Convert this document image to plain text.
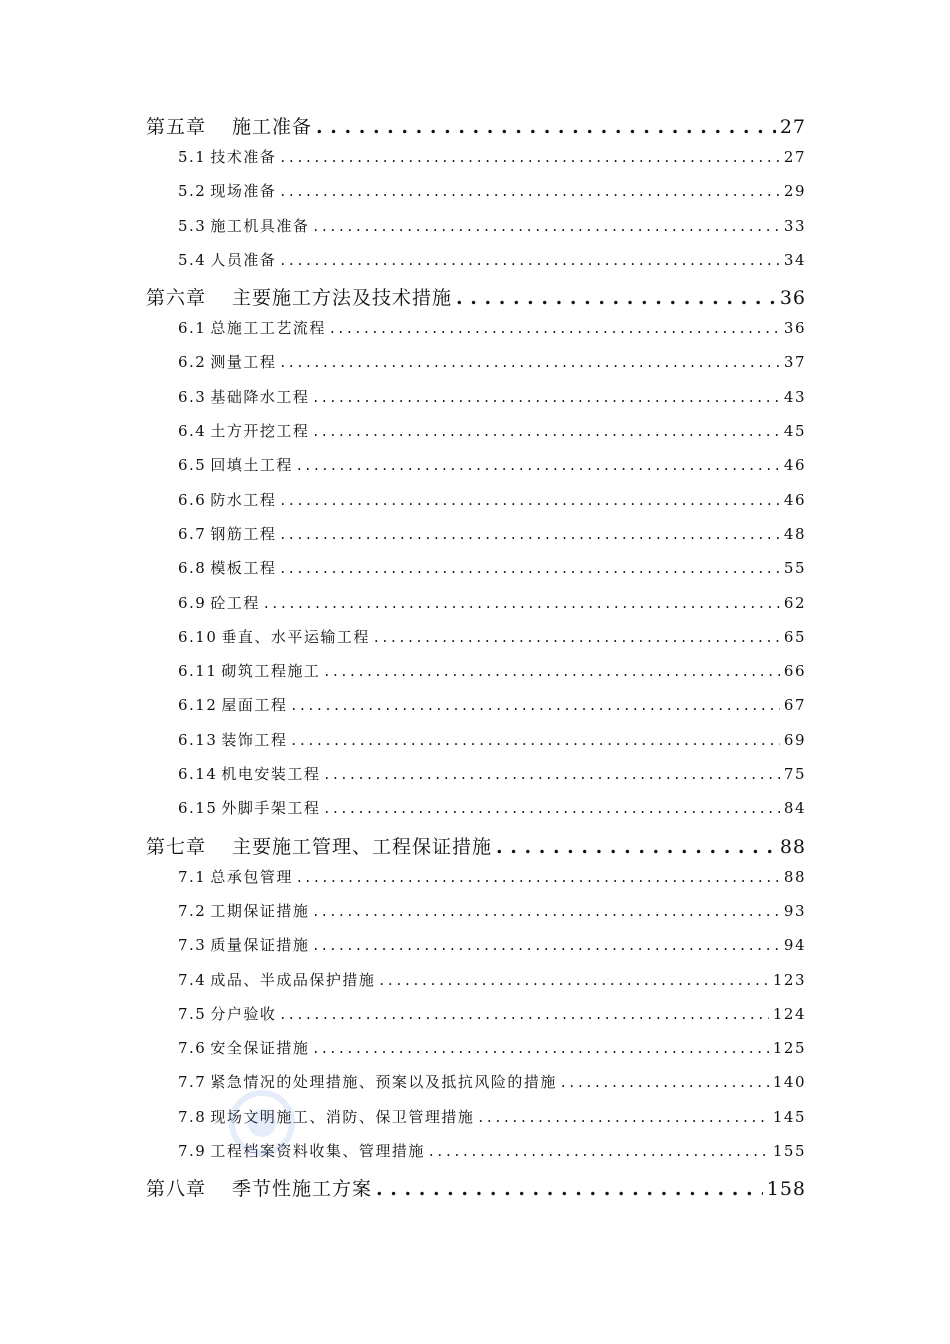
第五章 施工准备 . . .	27
5.1 技术准备 . . .	27
5.2 现场准备 . . .	29
5.3 施工机具准备 . . .	33
5.4 人员准备 . . .	34
第六章 主要施工方法及技术措施 . . .	36
6.1 总施工工艺流程 . . .	36
6.2 测量工程 . . .	37
6.3 基础降水工程 . . .	43
6.4 土方开挖工程 . . .	45
6.5 回填土工程 . . .	46
6.6 防水工程 . . .	46
6.7 钢筋工程 . . .	48
6.8 模板工程 . . .	55
6.9 砼工程 . . .	62
6.10 垂直、水平运输工程 . . .	65
6.11 砌筑工程施工 . . .	66
6.12 屋面工程 . . .	67
6.13 装饰工程 . . .	69
6.14 机电安装工程 . . .	75
6.15 外脚手架工程 . . .	84
第七章 主要施工管理、工程保证措施 . . .	88
7.1 总承包管理 . . .	88
7.2 工期保证措施 . . .	93
7.3 质量保证措施 . . .	94
7.4 成品、半成品保护措施 . . .	123
7.5 分户验收 . . .	124
7.6 安全保证措施 . . .	125
7.7 紧急情况的处理措施、预案以及抵抗风险的措施 . . .	140
7.8 现场文明施工、消防、保卫管理措施 . . .	145
7.9 工程档案资料收集、管理措施 . . .	155
第八章 季节性施工方案 . . .	158
